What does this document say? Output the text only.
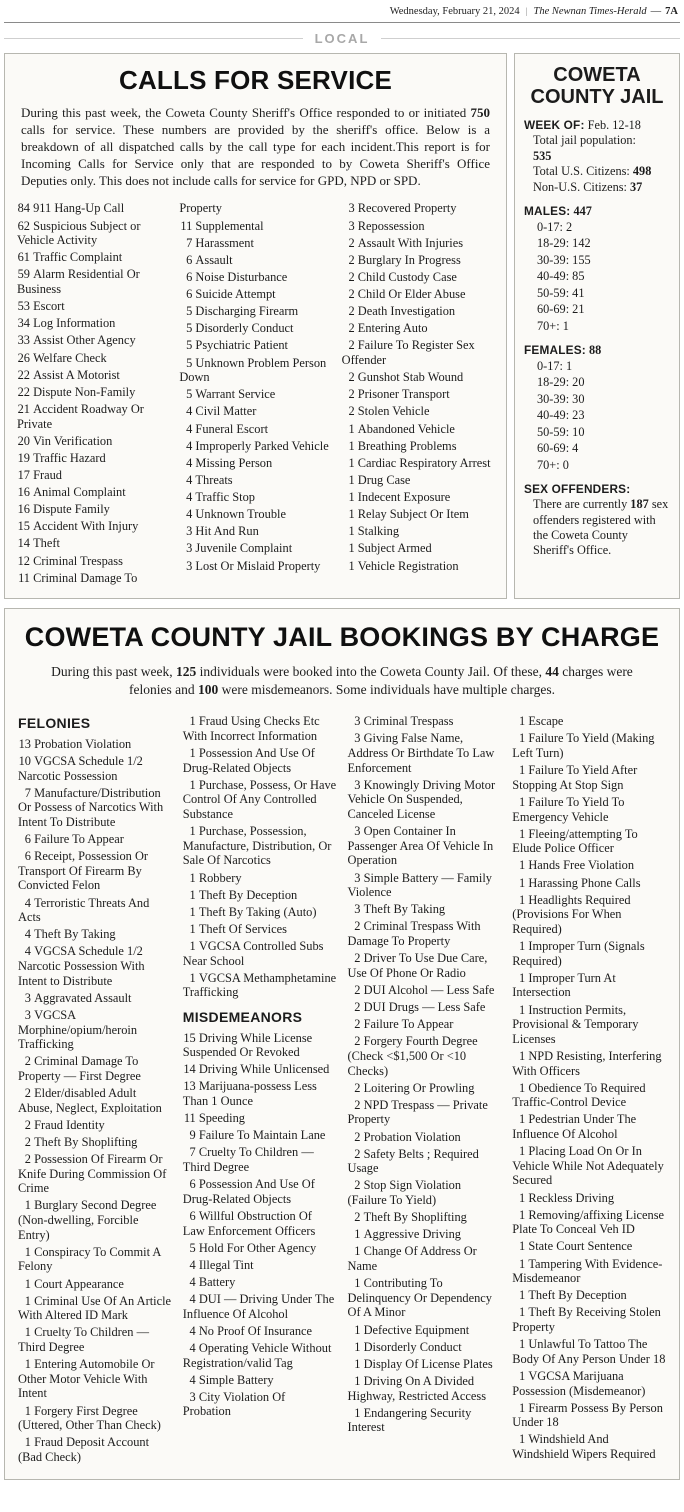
Wednesday, February 21, 2024 | The Newnan Times-Herald — 7A
LOCAL
CALLS FOR SERVICE

During this past week, the Coweta County Sheriff's Office responded to or initiated 750 calls for service. These numbers are provided by the sheriff's office. Below is a breakdown of all dispatched calls by the call type for each incident.This report is for Incoming Calls for Service only that are responded to by Coweta Sheriff's Office Deputies only. This does not include calls for service for GPD, NPD or SPD.

84 911 Hang-Up Call
62 Suspicious Subject or Vehicle Activity
61 Traffic Complaint
59 Alarm Residential Or Business
53 Escort
34 Log Information
33 Assist Other Agency
26 Welfare Check
22 Assist A Motorist
22 Dispute Non-Family
21 Accident Roadway Or Private
20 Vin Verification
19 Traffic Hazard
17 Fraud
16 Animal Complaint
16 Dispute Family
15 Accident With Injury
14 Theft
12 Criminal Trespass
11 Criminal Damage To
Property
11 Supplemental
7 Harassment
6 Assault
6 Noise Disturbance
6 Suicide Attempt
5 Discharging Firearm
5 Disorderly Conduct
5 Psychiatric Patient
5 Unknown Problem Person Down
5 Warrant Service
4 Civil Matter
4 Funeral Escort
4 Improperly Parked Vehicle
4 Missing Person
4 Threats
4 Traffic Stop
4 Unknown Trouble
3 Hit And Run
3 Juvenile Complaint
3 Lost Or Mislaid Property
3 Recovered Property
3 Repossession
2 Assault With Injuries
2 Burglary In Progress
2 Child Custody Case
2 Child Or Elder Abuse
2 Death Investigation
2 Entering Auto
2 Failure To Register Sex Offender
2 Gunshot Stab Wound
2 Prisoner Transport
2 Stolen Vehicle
1 Abandoned Vehicle
1 Breathing Problems
1 Cardiac Respiratory Arrest
1 Drug Case
1 Indecent Exposure
1 Relay Subject Or Item
1 Stalking
1 Subject Armed
1 Vehicle Registration
COWETA COUNTY JAIL
WEEK OF: Feb. 12-18
Total jail population:
535
Total U.S. Citizens: 498
Non-U.S. Citizens: 37
MALES: 447
0-17: 2
18-29: 142
30-39: 155
40-49: 85
50-59: 41
60-69: 21
70+: 1
FEMALES: 88
0-17: 1
18-29: 20
30-39: 30
40-49: 23
50-59: 10
60-69: 4
70+: 0
SEX OFFENDERS:
There are currently 187 sex offenders registered with the Coweta County Sheriff's Office.
COWETA COUNTY JAIL BOOKINGS BY CHARGE

During this past week, 125 individuals were booked into the Coweta County Jail. Of these, 44 charges were felonies and 100 were misdemeanors. Some individuals have multiple charges.

FELONIES
13 Probation Violation
10 VGCSA Schedule 1/2 Narcotic Possession
7 Manufacture/Distribution Or Possess of Narcotics With Intent To Distribute
6 Failure To Appear
6 Receipt, Possession Or Transport Of Firearm By Convicted Felon
4 Terroristic Threats And Acts
4 Theft By Taking
4 VGCSA Schedule 1/2 Narcotic Possession With Intent to Distribute
3 Aggravated Assault
3 VGCSA Morphine/opium/heroin Trafficking
2 Criminal Damage To Property — First Degree
2 Elder/disabled Adult Abuse, Neglect, Exploitation
2 Fraud Identity
2 Theft By Shoplifting
2 Possession Of Firearm Or Knife During Commission Of Crime
1 Burglary Second Degree (Non-dwelling, Forcible Entry)
1 Conspiracy To Commit A Felony
1 Court Appearance
1 Criminal Use Of An Article With Altered ID Mark
1 Cruelty To Children — Third Degree
1 Entering Automobile Or Other Motor Vehicle With Intent
1 Forgery First Degree (Uttered, Other Than Check)
1 Fraud Deposit Account (Bad Check)
1 Fraud Using Checks Etc With Incorrect Information
1 Possession And Use Of Drug-Related Objects
1 Purchase, Possess, Or Have Control Of Any Controlled Substance
1 Purchase, Possession, Manufacture, Distribution, Or Sale Of Narcotics
1 Robbery
1 Theft By Deception
1 Theft By Taking (Auto)
1 Theft Of Services
1 VGCSA Controlled Subs Near School
1 VGCSA Methamphetamine Trafficking
MISDEMEANORS
15 Driving While License Suspended Or Revoked
14 Driving While Unlicensed
13 Marijuana-possess Less Than 1 Ounce
11 Speeding
9 Failure To Maintain Lane
7 Cruelty To Children — Third Degree
6 Possession And Use Of Drug-Related Objects
6 Willful Obstruction Of Law Enforcement Officers
5 Hold For Other Agency
4 Illegal Tint
4 Battery
4 DUI — Driving Under The Influence Of Alcohol
4 No Proof Of Insurance
4 Operating Vehicle Without Registration/valid Tag
4 Simple Battery
3 City Violation Of Probation
3 Criminal Trespass
3 Giving False Name, Address Or Birthdate To Law Enforcement
3 Knowingly Driving Motor Vehicle On Suspended, Canceled License
3 Open Container In Passenger Area Of Vehicle In Operation
3 Simple Battery — Family Violence
3 Theft By Taking
2 Criminal Trespass With Damage To Property
2 Driver To Use Due Care, Use Of Phone Or Radio
2 DUI Alcohol — Less Safe
2 DUI Drugs — Less Safe
2 Failure To Appear
2 Forgery Fourth Degree (Check <$1,500 Or <10 Checks)
2 Loitering Or Prowling
2 NPD Trespass — Private Property
2 Probation Violation
2 Safety Belts ; Required Usage
2 Stop Sign Violation (Failure To Yield)
2 Theft By Shoplifting
1 Aggressive Driving
1 Change Of Address Or Name
1 Contributing To Delinquency Or Dependency Of A Minor
1 Defective Equipment
1 Disorderly Conduct
1 Display Of License Plates
1 Driving On A Divided Highway, Restricted Access
1 Endangering Security Interest
1 Escape
1 Failure To Yield (Making Left Turn)
1 Failure To Yield After Stopping At Stop Sign
1 Failure To Yield To Emergency Vehicle
1 Fleeing/attempting To Elude Police Officer
1 Hands Free Violation
1 Harassing Phone Calls
1 Headlights Required (Provisions For When Required)
1 Improper Turn (Signals Required)
1 Improper Turn At Intersection
1 Instruction Permits, Provisional & Temporary Licenses
1 NPD Resisting, Interfering With Officers
1 Obedience To Required Traffic-Control Device
1 Pedestrian Under The Influence Of Alcohol
1 Placing Load On Or In Vehicle While Not Adequately Secured
1 Reckless Driving
1 Removing/affixing License Plate To Conceal Veh ID
1 State Court Sentence
1 Tampering With Evidence- Misdemeanor
1 Theft By Deception
1 Theft By Receiving Stolen Property
1 Unlawful To Tattoo The Body Of Any Person Under 18
1 VGCSA Marijuana Possession (Misdemeanor)
1 Firearm Possess By Person Under 18
1 Windshield And Windshield Wipers Required
